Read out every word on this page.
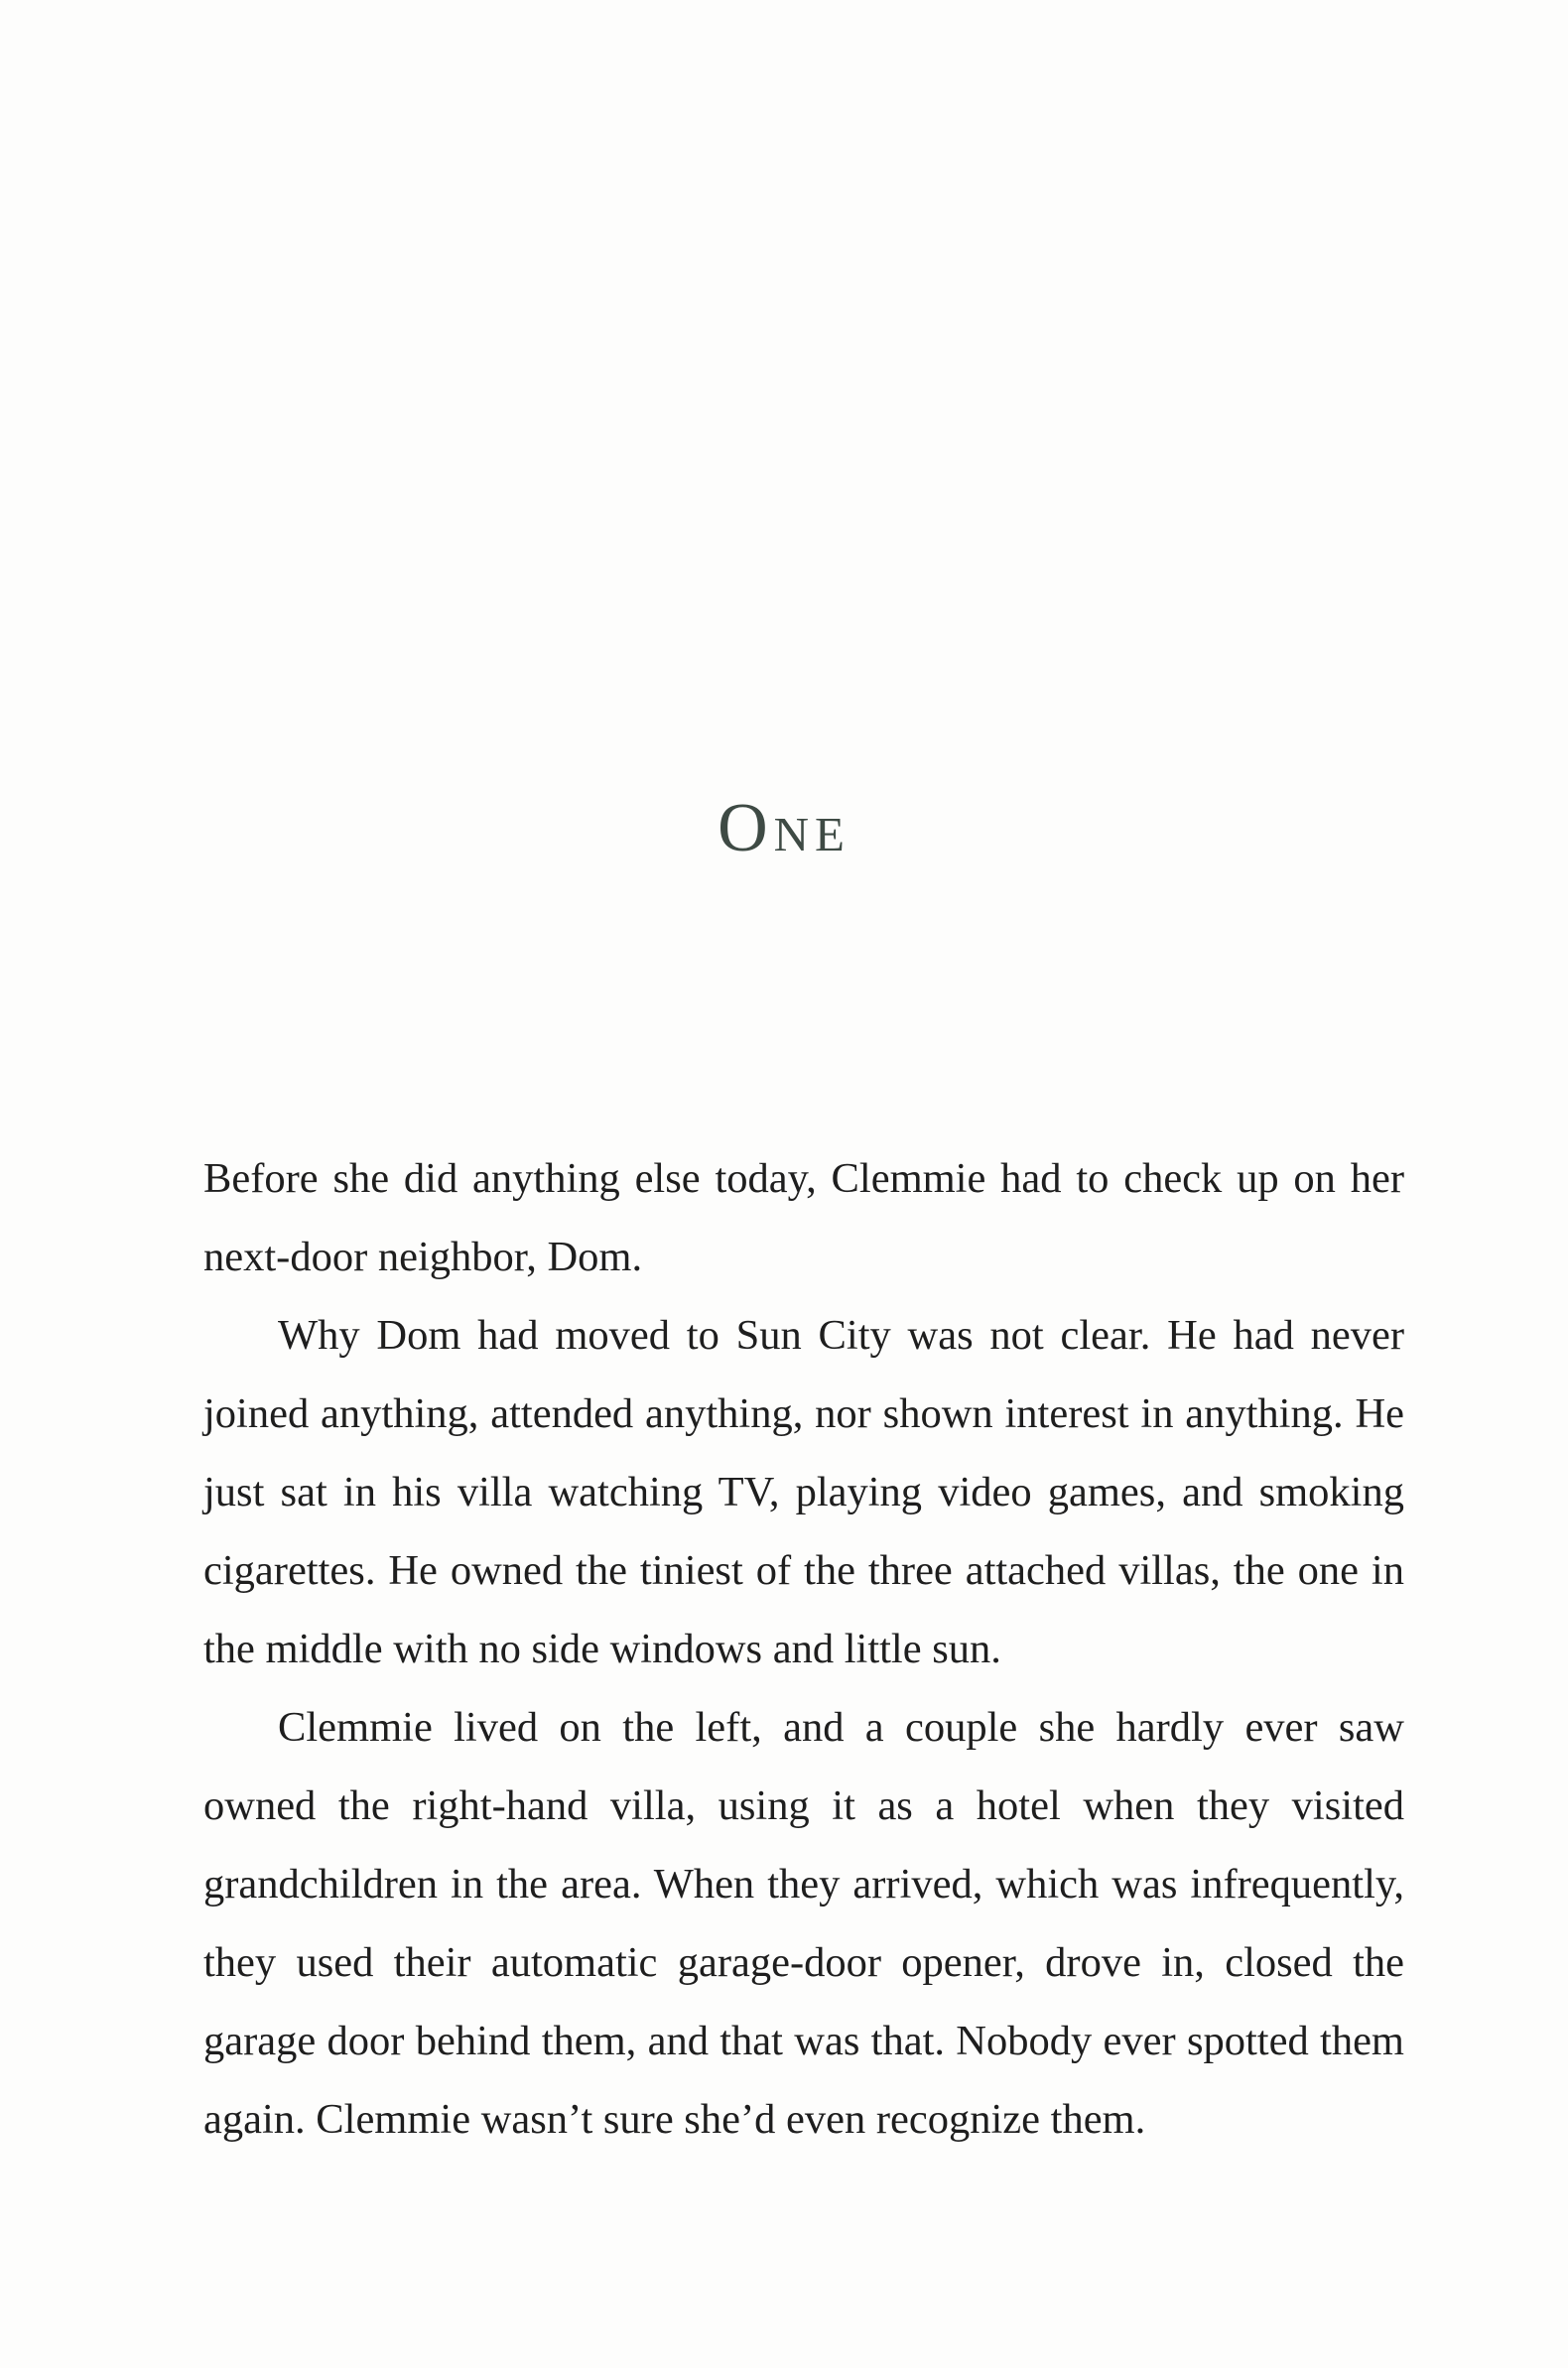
One

Before she did anything else today, Clemmie had to check up on her next-door neighbor, Dom.

Why Dom had moved to Sun City was not clear. He had never joined anything, attended anything, nor shown interest in anything. He just sat in his villa watching TV, playing video games, and smoking cigarettes. He owned the tiniest of the three attached villas, the one in the middle with no side windows and little sun.

Clemmie lived on the left, and a couple she hardly ever saw owned the right-hand villa, using it as a hotel when they visited grandchildren in the area. When they arrived, which was infrequently, they used their automatic garage-door opener, drove in, closed the garage door behind them, and that was that. Nobody ever spotted them again. Clemmie wasn’t sure she’d even recognize them.
